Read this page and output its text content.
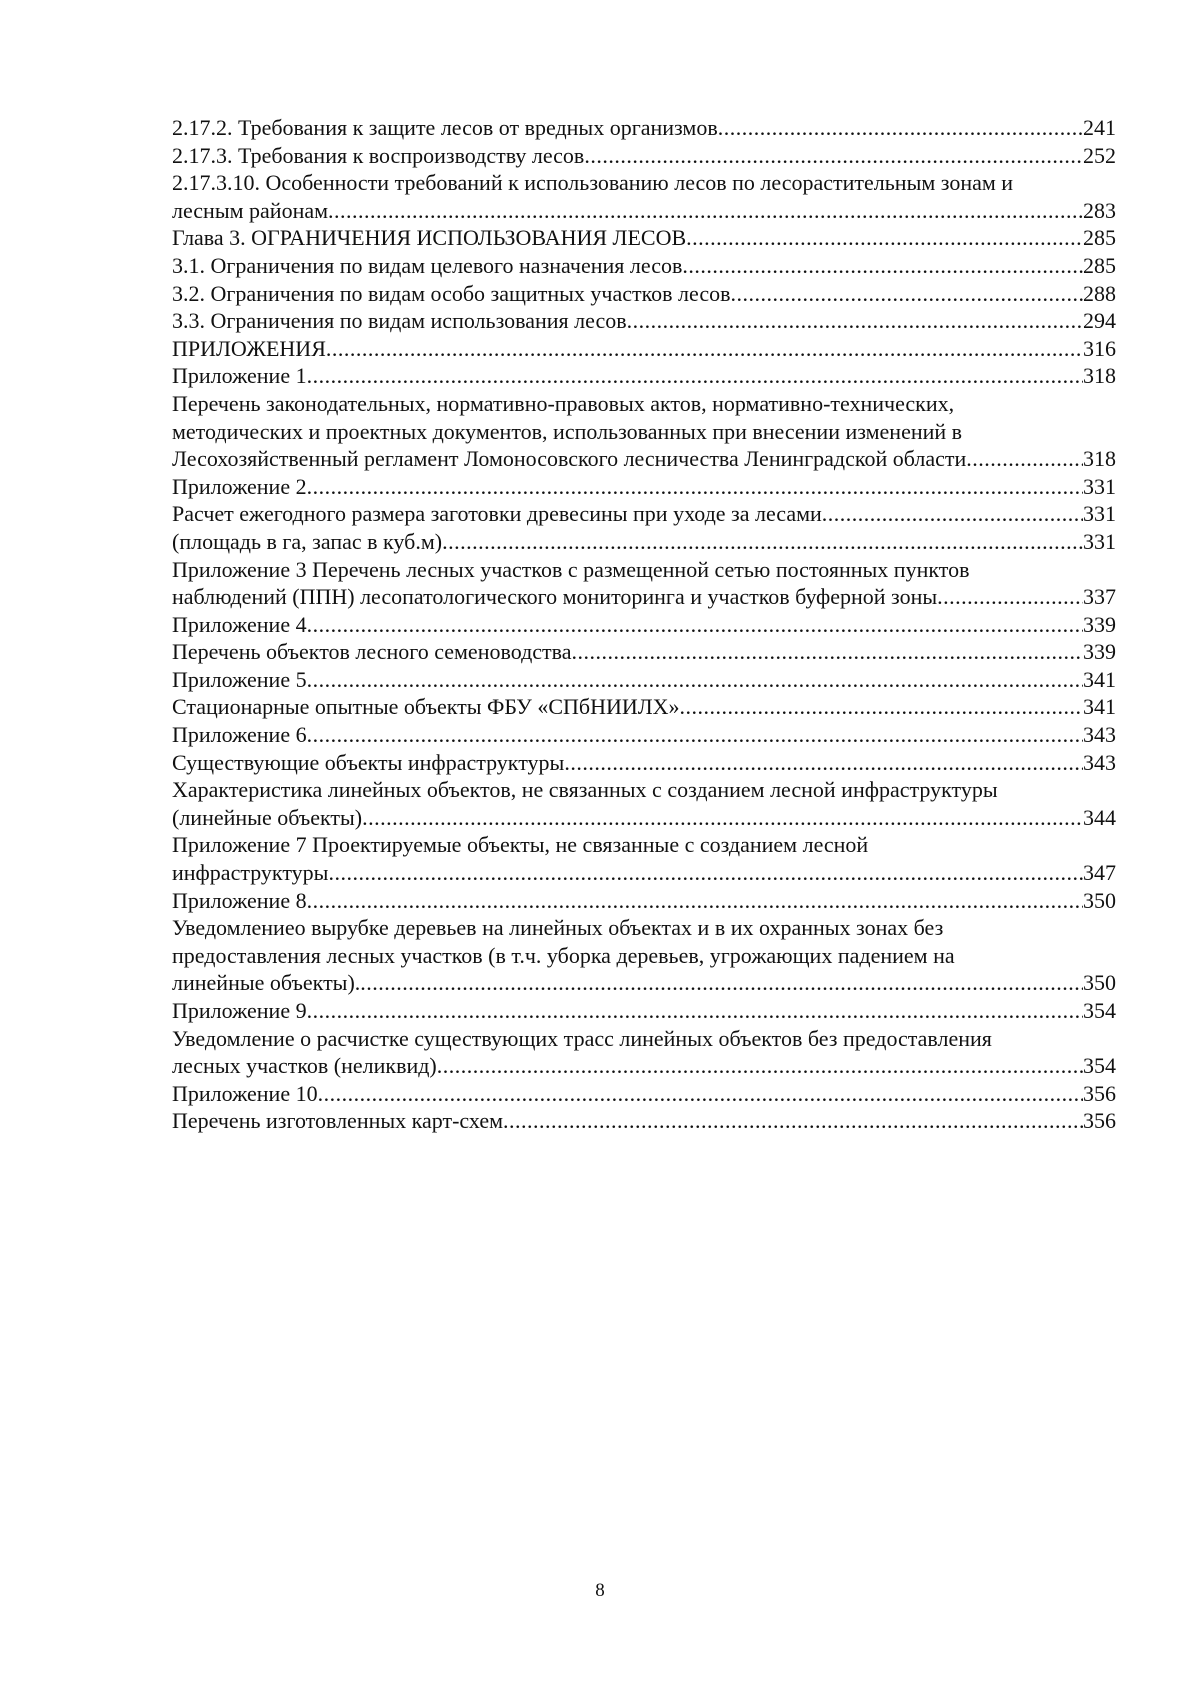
2.17.2. Требования к защите лесов от вредных организмов .....	241
2.17.3. Требования к воспроизводству лесов .....	252
2.17.3.10. Особенности требований к использованию лесов по лесорастительным зонам и
лесным районам .....	283
Глава 3. ОГРАНИЧЕНИЯ ИСПОЛЬЗОВАНИЯ ЛЕСОВ .....	285
3.1. Ограничения по видам целевого назначения лесов .....	285
3.2. Ограничения по видам особо защитных участков лесов .....	288
3.3. Ограничения по видам использования лесов .....	294
ПРИЛОЖЕНИЯ .....	316
Приложение 1 .....	318
Перечень законодательных, нормативно-правовых актов, нормативно-технических,
методических и проектных документов, использованных при внесении изменений в
Лесохозяйственный регламент Ломоносовского лесничества Ленинградской области .....	318
Приложение 2 .....	331
Расчет ежегодного размера заготовки древесины при уходе за лесами .....	331
(площадь в га, запас в куб.м) .....	331
Приложение 3 Перечень лесных участков с размещенной сетью постоянных пунктов
наблюдений (ППН) лесопатологического мониторинга и участков буферной зоны .....	337
Приложение 4 .....	339
Перечень объектов лесного семеноводства .....	339
Приложение 5 .....	341
Стационарные опытные объекты ФБУ «СПбНИИЛХ» .....	341
Приложение 6 .....	343
Существующие объекты инфраструктуры .....	343
Характеристика линейных объектов, не связанных с созданием лесной инфраструктуры
(линейные объекты) .....	344
Приложение 7 Проектируемые объекты, не связанные с созданием лесной
инфраструктуры .....	347
Приложение 8 .....	350
Уведомлениео вырубке деревьев на линейных объектах и в их охранных зонах без
предоставления лесных участков (в т.ч. уборка деревьев, угрожающих падением на
линейные объекты). .....	350
Приложение 9 .....	354
Уведомление о расчистке существующих трасс линейных объектов без предоставления
лесных участков (неликвид) .....	354
Приложение 10 .....	356
Перечень изготовленных карт-схем .....	356
8
